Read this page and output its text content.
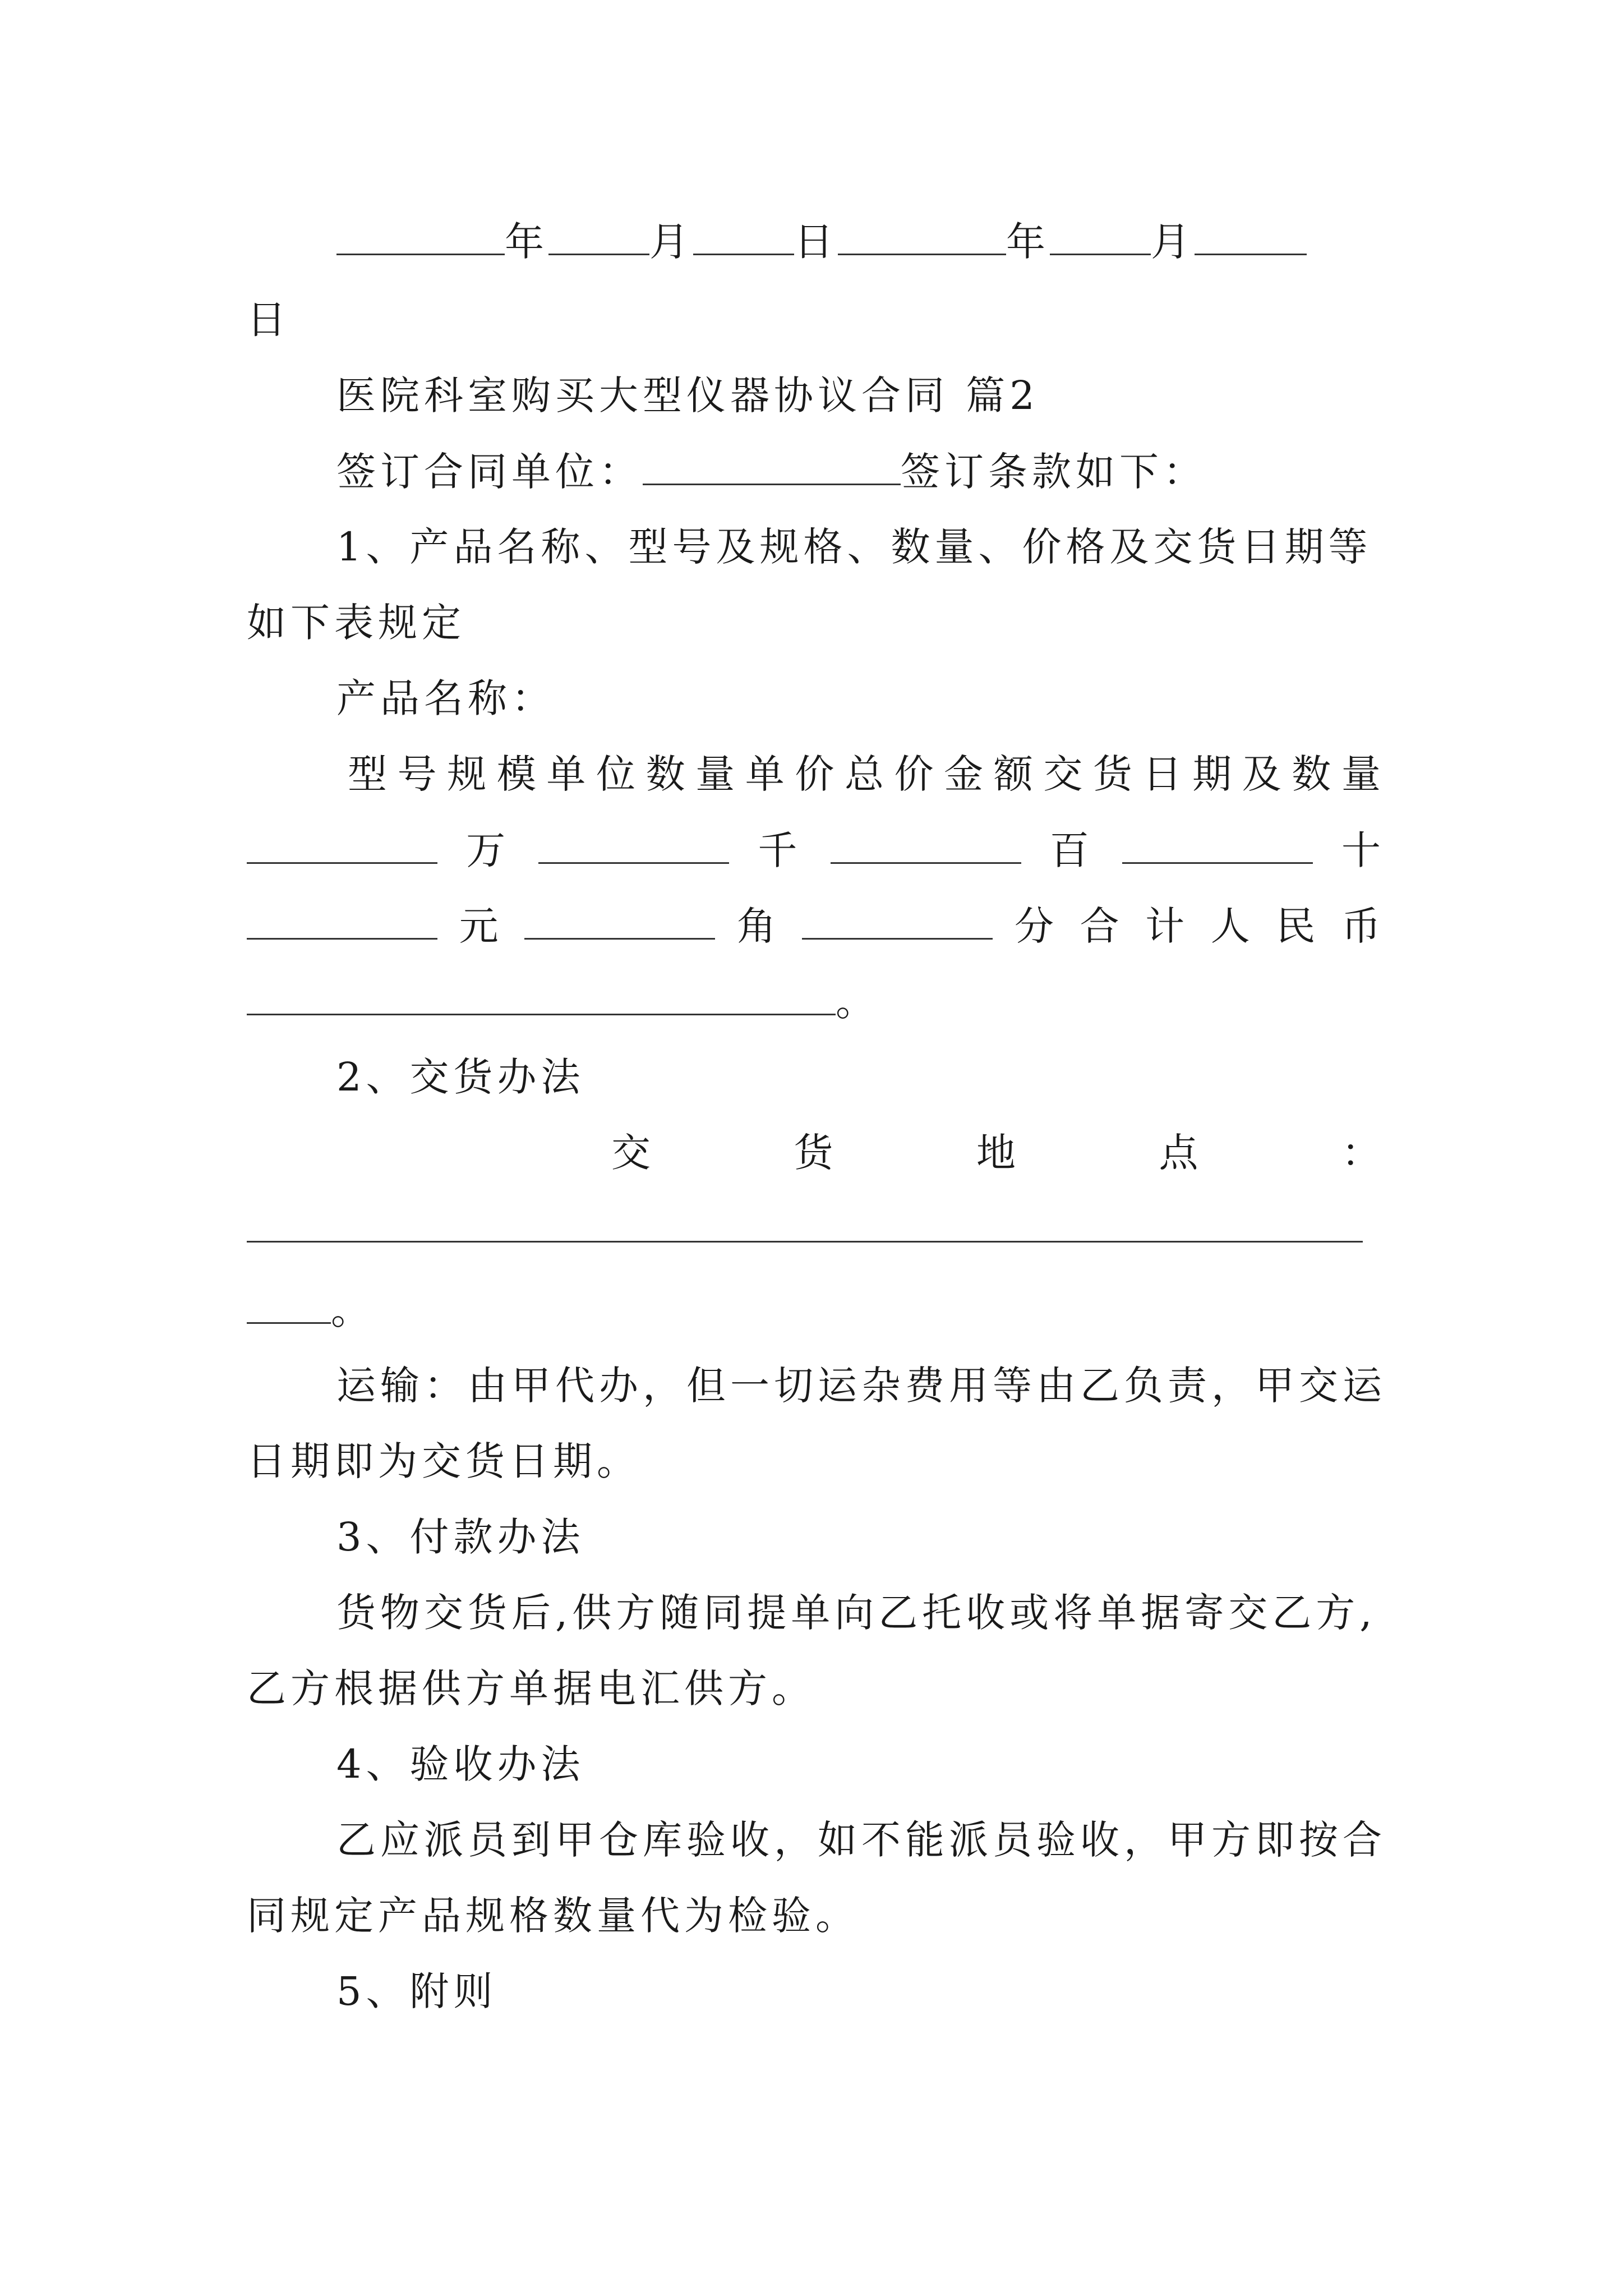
年	月	日	年	月
日
医院科室购买大型仪器协议合同 篇2
签订合同单位：	签订条款如下：
1、产品名称、型号及规格、数量、价格及交货日期等
如下表规定
产品名称：
型 号 规 模 单 位 数 量 单 价 总 价 金 额 交 货 日 期 及 数 量
万	千	百	十
元	角	分 合 计 人 民 币
。
2、交货办法
交	货	地	点	：
。
运输：由甲代办，但一切运杂费用等由乙负责，甲交运
日期即为交货日期。
3、付款办法
货物交货后,供方随同提单向乙托收或将单据寄交乙方,
乙方根据供方单据电汇供方。
4、验收办法
乙应派员到甲仓库验收，如不能派员验收，甲方即按合
同规定产品规格数量代为检验。
5、附则
